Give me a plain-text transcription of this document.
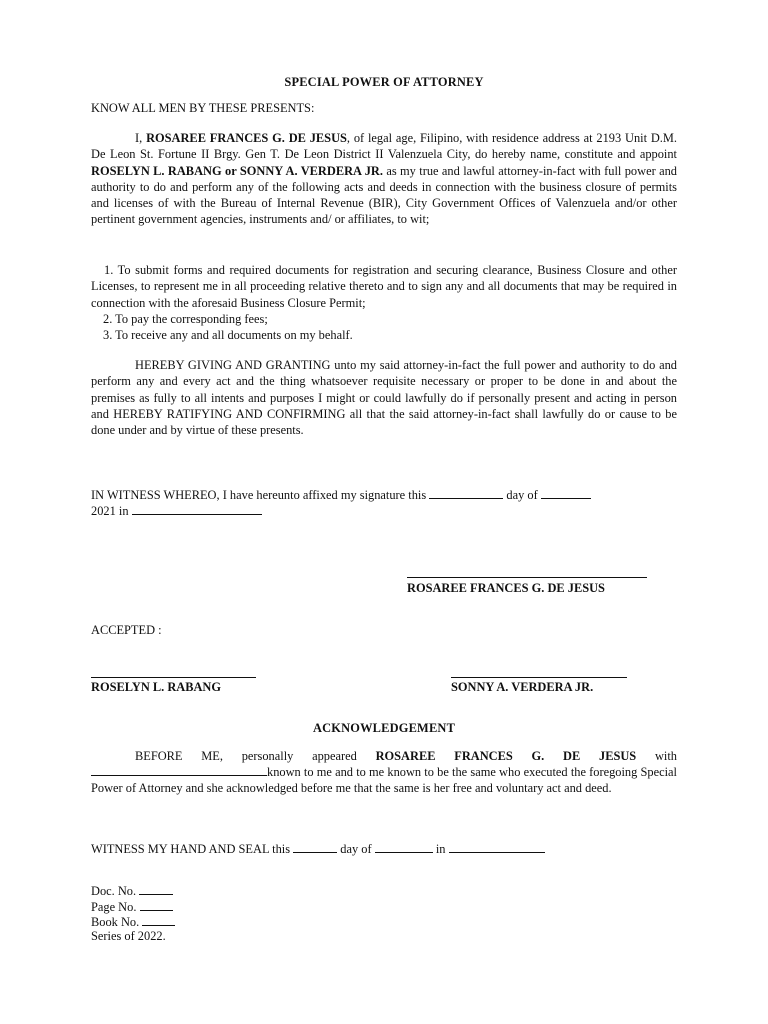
SPECIAL POWER OF ATTORNEY
KNOW ALL MEN BY THESE PRESENTS:

I, ROSAREE FRANCES G. DE JESUS, of legal age, Filipino, with residence address at 2193 Unit D.M. De Leon St. Fortune II Brgy. Gen T. De Leon District II Valenzuela City, do hereby name, constitute and appoint ROSELYN L. RABANG or SONNY A. VERDERA JR. as my true and lawful attorney-in-fact with full power and authority to do and perform any of the following acts and deeds in connection with the business closure of permits and licenses of with the Bureau of Internal Revenue (BIR), City Government Offices of Valenzuela and/or other pertinent government agencies, instruments and/ or affiliates, to wit;

1. To submit forms and required documents for registration and securing clearance, Business Closure and other Licenses, to represent me in all proceeding relative thereto and to sign any and all documents that may be required in connection with the aforesaid Business Closure Permit;
2. To pay the corresponding fees;
3. To receive any and all documents on my behalf.

HEREBY GIVING AND GRANTING unto my said attorney-in-fact the full power and authority to do and perform any and every act and the thing whatsoever requisite necessary or proper to be done in and about the premises as fully to all intents and purposes I might or could lawfully do if personally present and acting in person and HEREBY RATIFYING AND CONFIRMING all that the said attorney-in-fact shall lawfully do or cause to be done under and by virtue of these presents.

IN WITNESS WHEREO, I have hereunto affixed my signature this	day of
2021 in
ROSAREE FRANCES G. DE JESUS
ACCEPTED :
ROSELYN L. RABANG	SONNY A. VERDERA JR.
ACKNOWLEDGEMENT

BEFORE ME, personally appeared ROSAREE FRANCES G. DE JESUS with

known to me and to me known to be the same who executed the foregoing Special Power of Attorney and she acknowledged before me that the same is her free and voluntary act and deed.

WITNESS MY HAND AND SEAL this	day of	in
Doc. No.
Page No.
Book No.
Series of 2022.
